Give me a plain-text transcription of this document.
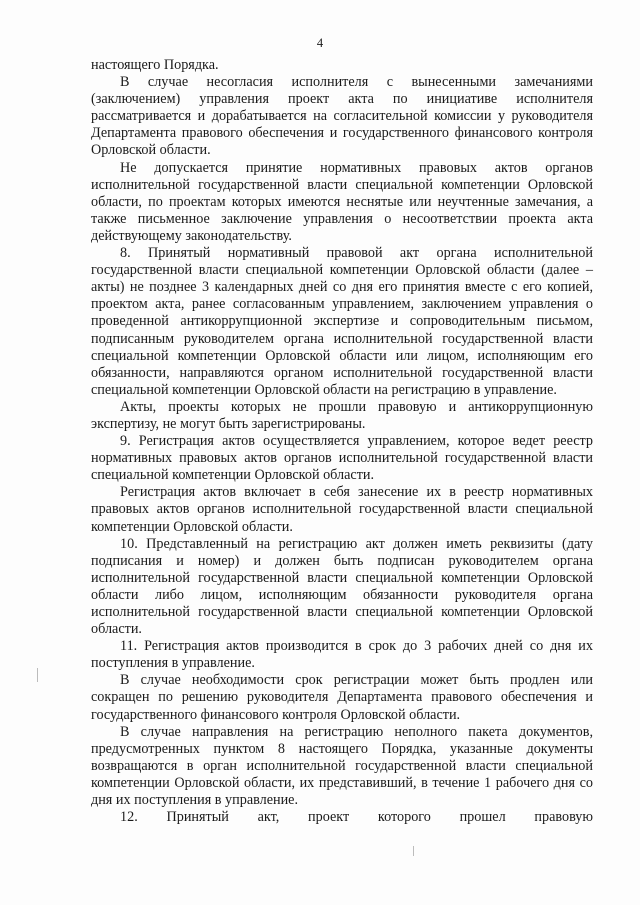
4

настоящего Порядка.

В случае несогласия исполнителя с вынесенными замечаниями (заключением) управления проект акта по инициативе исполнителя рассматривается и дорабатывается на согласительной комиссии у руководителя Департамента правового обеспечения и государственного финансового контроля Орловской области.

Не допускается принятие нормативных правовых актов органов исполнительной государственной власти специальной компетенции Орловской области, по проектам которых имеются неснятые или неучтенные замечания, а также письменное заключение управления о несоответствии проекта акта действующему законодательству.

8. Принятый нормативный правовой акт органа исполнительной государственной власти специальной компетенции Орловской области (далее – акты) не позднее 3 календарных дней со дня его принятия вместе с его копией, проектом акта, ранее согласованным управлением, заключением управления о проведенной антикоррупционной экспертизе и сопроводительным письмом, подписанным руководителем органа исполнительной государственной власти специальной компетенции Орловской области или лицом, исполняющим его обязанности, направляются органом исполнительной государственной власти специальной компетенции Орловской области на регистрацию в управление.

Акты, проекты которых не прошли правовую и антикоррупционную экспертизу, не могут быть зарегистрированы.

9. Регистрация актов осуществляется управлением, которое ведет реестр нормативных правовых актов органов исполнительной государственной власти специальной компетенции Орловской области.

Регистрация актов включает в себя занесение их в реестр нормативных правовых актов органов исполнительной государственной власти специальной компетенции Орловской области.

10. Представленный на регистрацию акт должен иметь реквизиты (дату подписания и номер) и должен быть подписан руководителем органа исполнительной государственной власти специальной компетенции Орловской области либо лицом, исполняющим обязанности руководителя органа исполнительной государственной власти специальной компетенции Орловской области.

11. Регистрация актов производится в срок до 3 рабочих дней со дня их поступления в управление.

В случае необходимости срок регистрации может быть продлен или сокращен по решению руководителя Департамента правового обеспечения и государственного финансового контроля Орловской области.

В случае направления на регистрацию неполного пакета документов, предусмотренных пунктом 8 настоящего Порядка, указанные документы возвращаются в орган исполнительной государственной власти специальной компетенции Орловской области, их представивший, в течение 1 рабочего дня со дня их поступления в управление.

12. Принятый акт, проект которого прошел правовую
